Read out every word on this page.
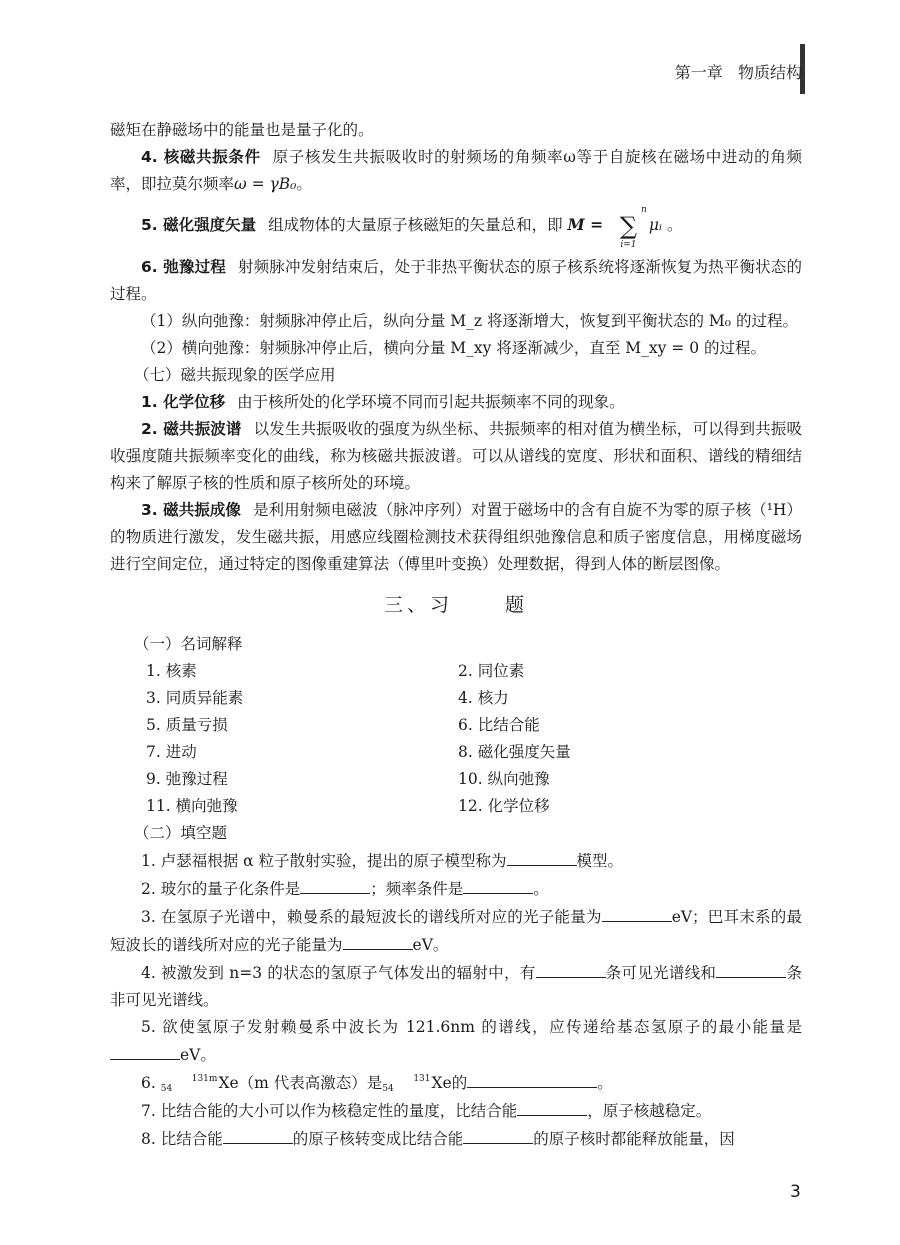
第一章 物质结构

磁矩在静磁场中的能量也是量子化的。

4. 核磁共振条件 原子核发生共振吸收时的射频场的角频率ω等于自旋核在磁场中进动的角频率，即拉莫尔频率ω = γB₀。

5. 磁化强度矢量 组成物体的大量原子核磁矩的矢量总和，即 M = n
∑
i=1μᵢ 。

6. 弛豫过程 射频脉冲发射结束后，处于非热平衡状态的原子核系统将逐渐恢复为热平衡状态的过程。

（1）纵向弛豫：射频脉冲停止后，纵向分量 M_z 将逐渐增大，恢复到平衡状态的 M₀ 的过程。

（2）横向弛豫：射频脉冲停止后，横向分量 M_xy 将逐渐减少，直至 M_xy = 0 的过程。

（七）磁共振现象的医学应用

1. 化学位移 由于核所处的化学环境不同而引起共振频率不同的现象。

2. 磁共振波谱 以发生共振吸收的强度为纵坐标、共振频率的相对值为横坐标，可以得到共振吸收强度随共振频率变化的曲线，称为核磁共振波谱。可以从谱线的宽度、形状和面积、谱线的精细结构来了解原子核的性质和原子核所处的环境。

3. 磁共振成像 是利用射频电磁波（脉冲序列）对置于磁场中的含有自旋不为零的原子核（¹H）的物质进行激发，发生磁共振，用感应线圈检测技术获得组织弛豫信息和质子密度信息，用梯度磁场进行空间定位，通过特定的图像重建算法（傅里叶变换）处理数据，得到人体的断层图像。

三、习	题

（一）名词解释

1. 核素	2. 同位素
3. 同质异能素	4. 核力
5. 质量亏损	6. 比结合能
7. 进动	8. 磁化强度矢量
9. 弛豫过程	10. 纵向弛豫
11. 横向弛豫	12. 化学位移

（二）填空题

1. 卢瑟福根据 α 粒子散射实验，提出的原子模型称为	模型。

2. 玻尔的量子化条件是	；频率条件是	。

3. 在氢原子光谱中，赖曼系的最短波长的谱线所对应的光子能量为	eV；巴耳末系的最短波长的谱线所对应的光子能量为	eV。

4. 被激发到 n=3 的状态的氢原子气体发出的辐射中，有	条可见光谱线和	条非可见光谱线。

5. 欲使氢原子发射赖曼系中波长为 121.6nm 的谱线，应传递给基态氢原子的最小能量是eV。

6.	131m
54	Xe（m 代表高激态）是	131
54 Xe的	。

7. 比结合能的大小可以作为核稳定性的量度，比结合能	，原子核越稳定。

8. 比结合能	的原子核转变成比结合能	的原子核时都能释放能量，因

3
